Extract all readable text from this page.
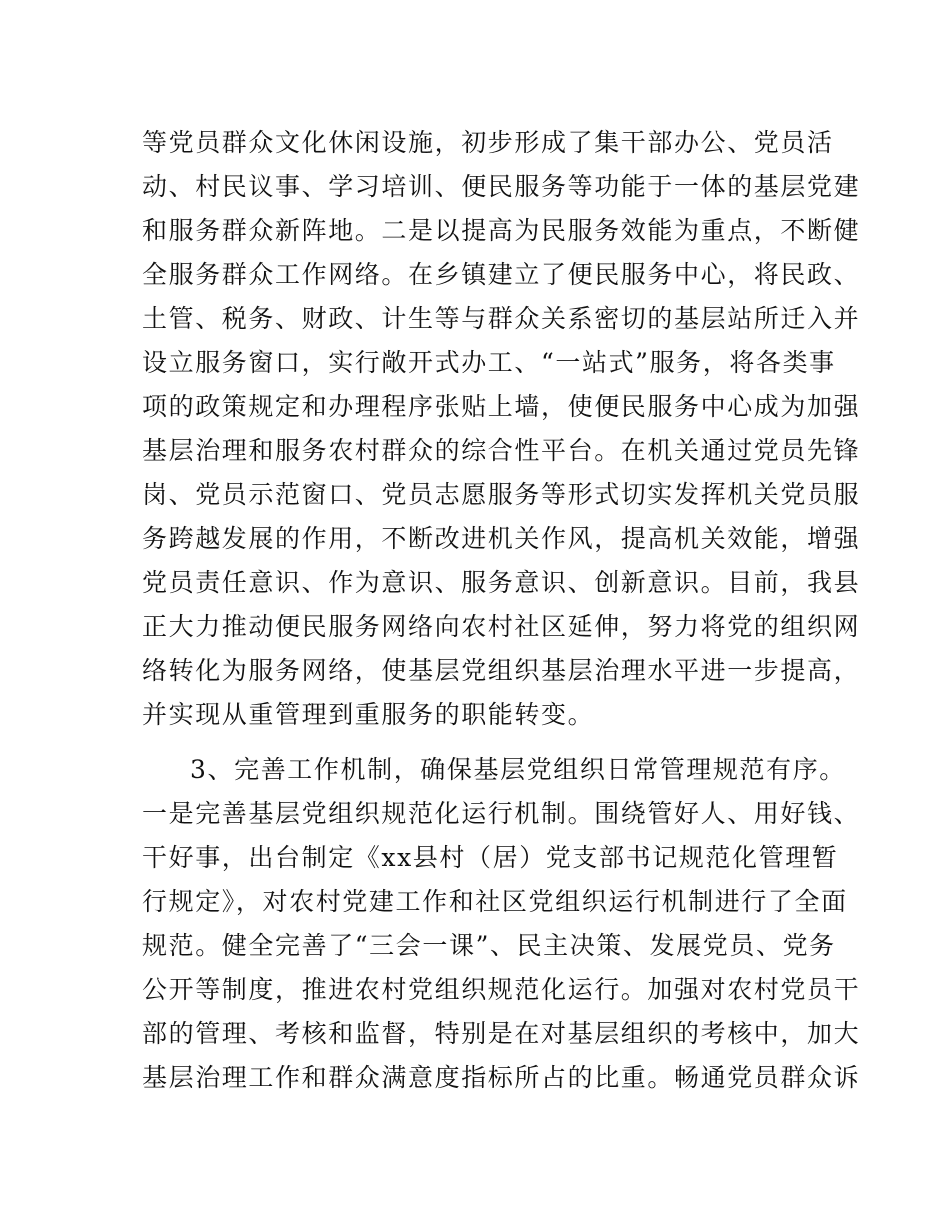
等党员群众文化休闲设施，初步形成了集干部办公、党员活
动、村民议事、学习培训、便民服务等功能于一体的基层党建
和服务群众新阵地。二是以提高为民服务效能为重点，不断健
全服务群众工作网络。在乡镇建立了便民服务中心，将民政、
土管、税务、财政、计生等与群众关系密切的基层站所迁入并
设立服务窗口，实行敞开式办工、“一站式”服务，将各类事
项的政策规定和办理程序张贴上墙，使便民服务中心成为加强
基层治理和服务农村群众的综合性平台。在机关通过党员先锋
岗、党员示范窗口、党员志愿服务等形式切实发挥机关党员服
务跨越发展的作用，不断改进机关作风，提高机关效能，增强
党员责任意识、作为意识、服务意识、创新意识。目前，我县
正大力推动便民服务网络向农村社区延伸，努力将党的组织网
络转化为服务网络，使基层党组织基层治理水平进一步提高，
并实现从重管理到重服务的职能转变。
3、完善工作机制，确保基层党组织日常管理规范有序。
一是完善基层党组织规范化运行机制。围绕管好人、用好钱、
干好事，出台制定《xx县村（居）党支部书记规范化管理暂
行规定》，对农村党建工作和社区党组织运行机制进行了全面
规范。健全完善了“三会一课”、民主决策、发展党员、党务
公开等制度，推进农村党组织规范化运行。加强对农村党员干
部的管理、考核和监督，特别是在对基层组织的考核中，加大
基层治理工作和群众满意度指标所占的比重。畅通党员群众诉
